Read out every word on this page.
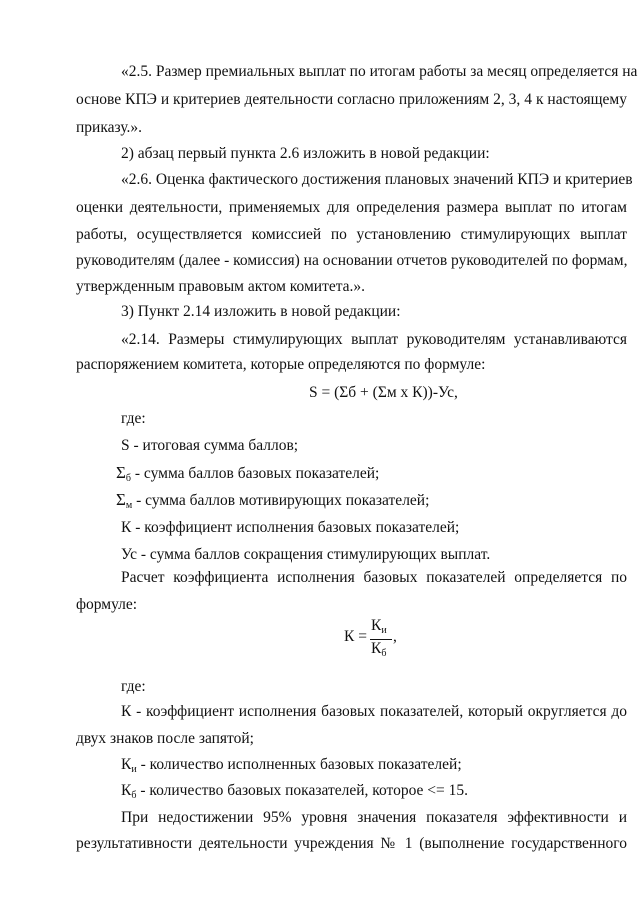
«2.5. Размер премиальных выплат по итогам работы за месяц определяется на
основе КПЭ и критериев деятельности согласно приложениям 2, 3, 4 к настоящему
приказу.».
2) абзац первый пункта 2.6 изложить в новой редакции:
«2.6. Оценка фактического достижения плановых значений КПЭ и критериев
оценки деятельности, применяемых для определения размера выплат по итогам
работы, осуществляется комиссией по установлению стимулирующих выплат
руководителям (далее - комиссия) на основании отчетов руководителей по формам,
утвержденным правовым актом комитета.».
3) Пункт 2.14 изложить в новой редакции:
«2.14. Размеры стимулирующих выплат руководителям устанавливаются
распоряжением комитета, которые определяются по формуле:
S = (Σб + (Σм х К))-Ус,
где:
S - итоговая сумма баллов;
$\Sigma_б$ - сумма баллов базовых показателей;
$\Sigma_м$ - сумма баллов мотивирующих показателей;
К - коэффициент исполнения базовых показателей;
Ус - сумма баллов сокращения стимулирующих выплат.
Расчет коэффициента исполнения базовых показателей определяется по
формуле:
К =
$К_и$
$К_б$
,
где:
К - коэффициент исполнения базовых показателей, который округляется до
двух знаков после запятой;
$К_и$ - количество исполненных базовых показателей;
$К_б$ - количество базовых показателей, которое <= 15.
При недостижении 95% уровня значения показателя эффективности и
результативности деятельности учреждения № 1 (выполнение государственного
